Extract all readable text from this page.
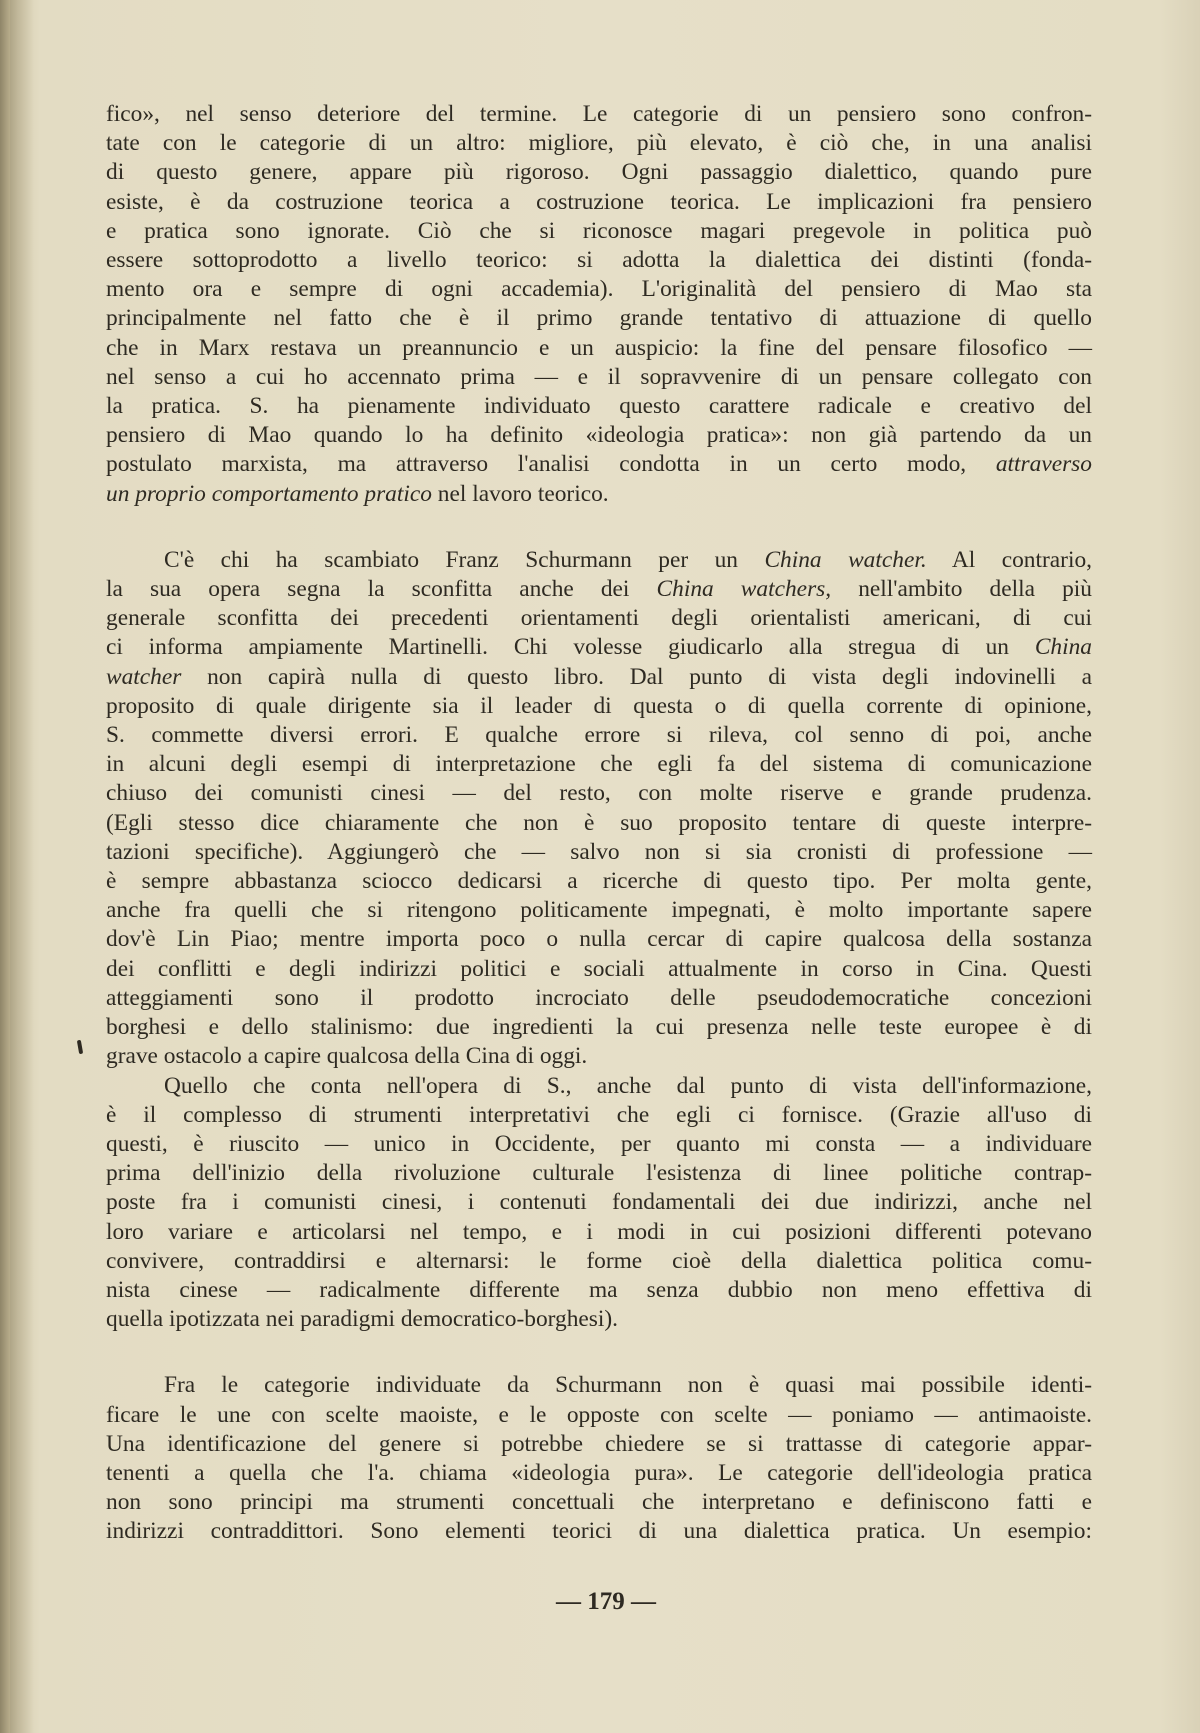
fico», nel senso deteriore del termine. Le categorie di un pensiero sono confron-
tate con le categorie di un altro: migliore, più elevato, è ciò che, in una analisi
di questo genere, appare più rigoroso. Ogni passaggio dialettico, quando pure
esiste, è da costruzione teorica a costruzione teorica. Le implicazioni fra pensiero
e pratica sono ignorate. Ciò che si riconosce magari pregevole in politica può
essere sottoprodotto a livello teorico: si adotta la dialettica dei distinti (fonda-
mento ora e sempre di ogni accademia). L'originalità del pensiero di Mao sta
principalmente nel fatto che è il primo grande tentativo di attuazione di quello
che in Marx restava un preannuncio e un auspicio: la fine del pensare filosofico —
nel senso a cui ho accennato prima — e il sopravvenire di un pensare collegato con
la pratica. S. ha pienamente individuato questo carattere radicale e creativo del
pensiero di Mao quando lo ha definito «ideologia pratica»: non già partendo da un
postulato marxista, ma attraverso l'analisi condotta in un certo modo, attraverso
un proprio comportamento pratico nel lavoro teorico.
C'è chi ha scambiato Franz Schurmann per un China watcher. Al contrario,
la sua opera segna la sconfitta anche dei China watchers, nell'ambito della più
generale sconfitta dei precedenti orientamenti degli orientalisti americani, di cui
ci informa ampiamente Martinelli. Chi volesse giudicarlo alla stregua di un China
watcher non capirà nulla di questo libro. Dal punto di vista degli indovinelli a
proposito di quale dirigente sia il leader di questa o di quella corrente di opinione,
S. commette diversi errori. E qualche errore si rileva, col senno di poi, anche
in alcuni degli esempi di interpretazione che egli fa del sistema di comunicazione
chiuso dei comunisti cinesi — del resto, con molte riserve e grande prudenza.
(Egli stesso dice chiaramente che non è suo proposito tentare di queste interpre-
tazioni specifiche). Aggiungerò che — salvo non si sia cronisti di professione —
è sempre abbastanza sciocco dedicarsi a ricerche di questo tipo. Per molta gente,
anche fra quelli che si ritengono politicamente impegnati, è molto importante sapere
dov'è Lin Piao; mentre importa poco o nulla cercar di capire qualcosa della sostanza
dei conflitti e degli indirizzi politici e sociali attualmente in corso in Cina. Questi
atteggiamenti sono il prodotto incrociato delle pseudodemocratiche concezioni
borghesi e dello stalinismo: due ingredienti la cui presenza nelle teste europee è di
grave ostacolo a capire qualcosa della Cina di oggi.
Quello che conta nell'opera di S., anche dal punto di vista dell'informazione,
è il complesso di strumenti interpretativi che egli ci fornisce. (Grazie all'uso di
questi, è riuscito — unico in Occidente, per quanto mi consta — a individuare
prima dell'inizio della rivoluzione culturale l'esistenza di linee politiche contrap-
poste fra i comunisti cinesi, i contenuti fondamentali dei due indirizzi, anche nel
loro variare e articolarsi nel tempo, e i modi in cui posizioni differenti potevano
convivere, contraddirsi e alternarsi: le forme cioè della dialettica politica comu-
nista cinese — radicalmente differente ma senza dubbio non meno effettiva di
quella ipotizzata nei paradigmi democratico-borghesi).
Fra le categorie individuate da Schurmann non è quasi mai possibile identi-
ficare le une con scelte maoiste, e le opposte con scelte — poniamo — antimaoiste.
Una identificazione del genere si potrebbe chiedere se si trattasse di categorie appar-
tenenti a quella che l'a. chiama «ideologia pura». Le categorie dell'ideologia pratica
non sono principi ma strumenti concettuali che interpretano e definiscono fatti e
indirizzi contraddittori. Sono elementi teorici di una dialettica pratica. Un esempio:
— 179 —
